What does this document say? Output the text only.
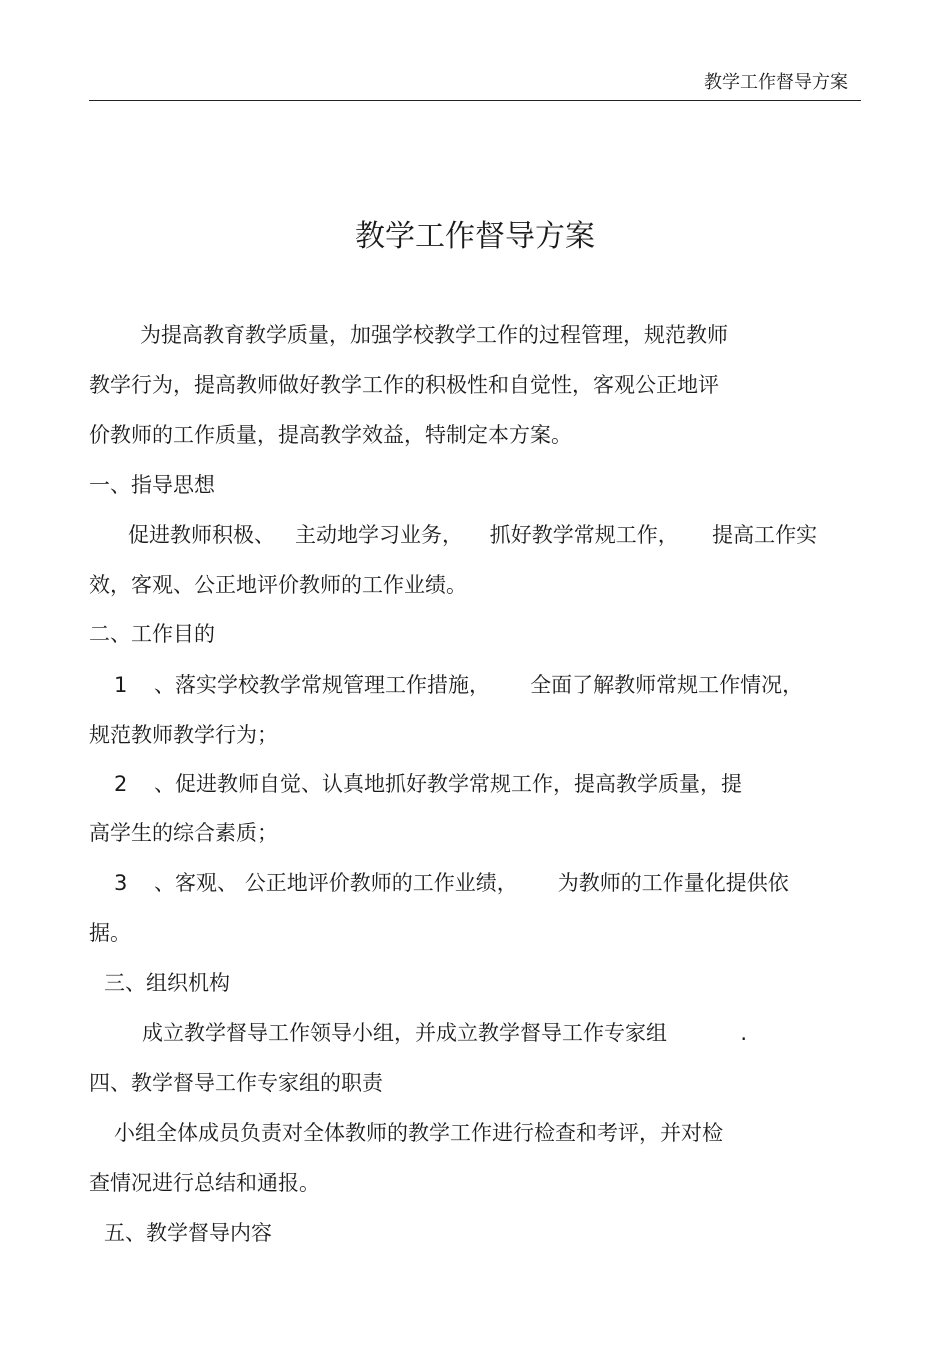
教学工作督导方案
教学工作督导方案
为提高教育教学质量，加强学校教学工作的过程管理，规范教师
教学行为，提高教师做好教学工作的积极性和自觉性，客观公正地评
价教师的工作质量，提高教学效益，特制定本方案。
一、指导思想
促进教师积极、   主动地学习业务，    抓好教学常规工作，     提高工作实
效，客观、公正地评价教师的工作业绩。
二、工作目的
1    、落实学校教学常规管理工作措施，      全面了解教师常规工作情况，
规范教师教学行为；
2    、促进教师自觉、认真地抓好教学常规工作，提高教学质量，提
高学生的综合素质；
3    、客观、 公正地评价教师的工作业绩，      为教师的工作量化提供依
据。
三、组织机构
成立教学督导工作领导小组，并成立教学督导工作专家组           .
四、教学督导工作专家组的职责
小组全体成员负责对全体教师的教学工作进行检查和考评，并对检
查情况进行总结和通报。
五、教学督导内容
